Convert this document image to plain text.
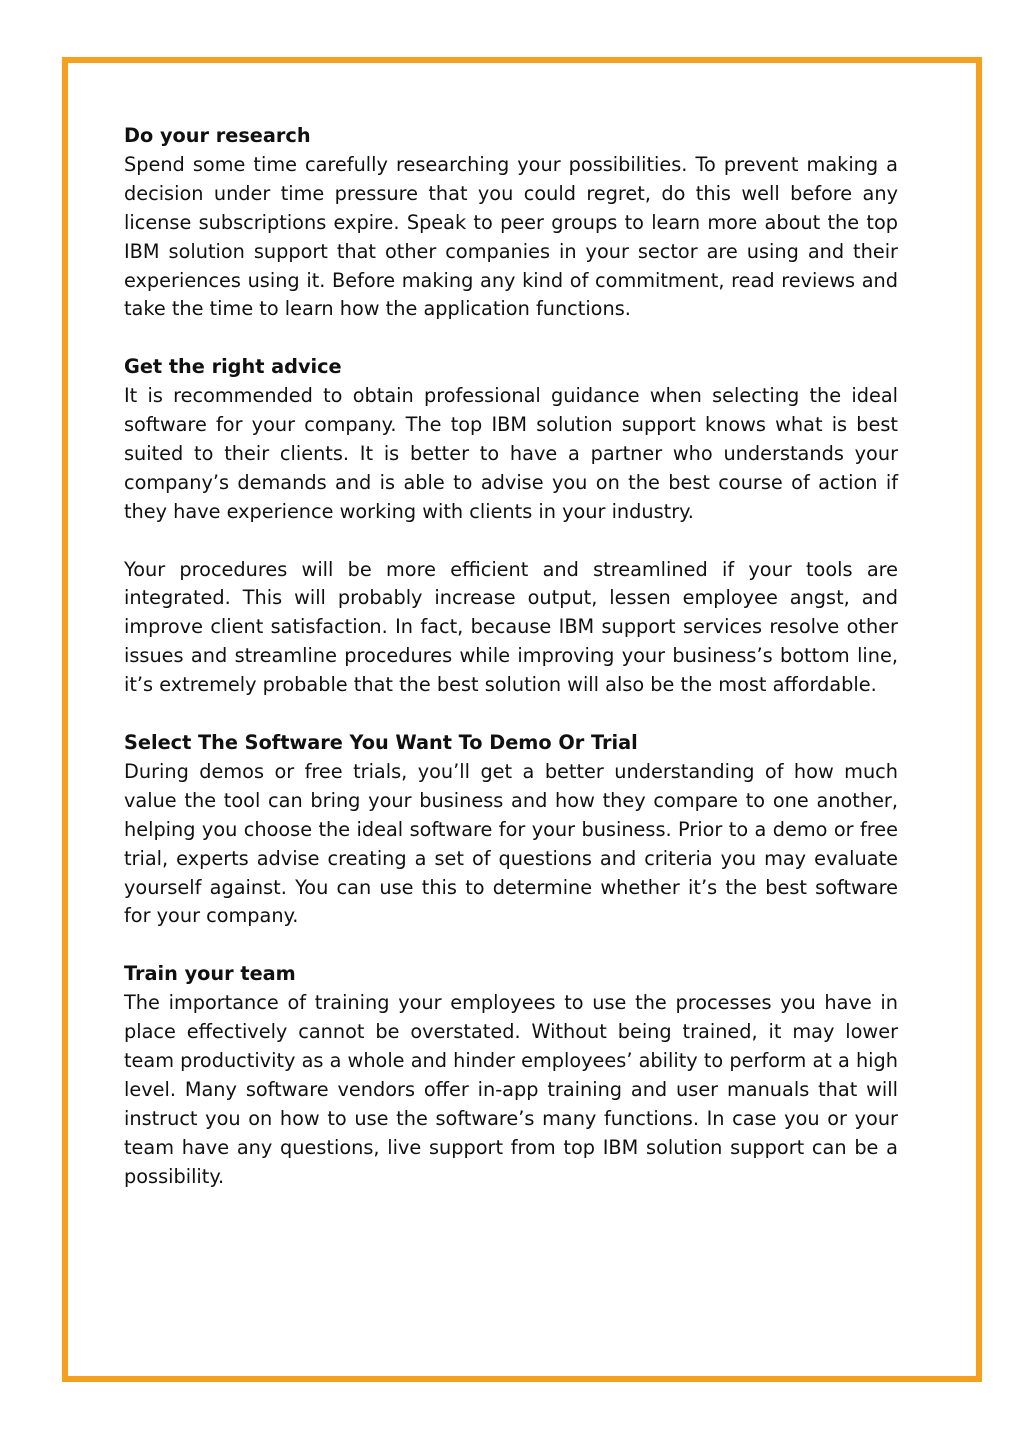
Do your research

Spend some time carefully researching your possibilities. To prevent making a decision under time pressure that you could regret, do this well before any license subscriptions expire. Speak to peer groups to learn more about the top IBM solution support that other companies in your sector are using and their experiences using it. Before making any kind of commitment, read reviews and take the time to learn how the application functions.

Get the right advice

It is recommended to obtain professional guidance when selecting the ideal software for your company. The top IBM solution support knows what is best suited to their clients. It is better to have a partner who understands your company’s demands and is able to advise you on the best course of action if they have experience working with clients in your industry.

Your procedures will be more efficient and streamlined if your tools are integrated. This will probably increase output, lessen employee angst, and improve client satisfaction. In fact, because IBM support services resolve other issues and streamline procedures while improving your business’s bottom line, it’s extremely probable that the best solution will also be the most affordable.

Select The Software You Want To Demo Or Trial

During demos or free trials, you’ll get a better understanding of how much value the tool can bring your business and how they compare to one another, helping you choose the ideal software for your business. Prior to a demo or free trial, experts advise creating a set of questions and criteria you may evaluate yourself against. You can use this to determine whether it’s the best software for your company.

Train your team

The importance of training your employees to use the processes you have in place effectively cannot be overstated. Without being trained, it may lower team productivity as a whole and hinder employees’ ability to perform at a high level. Many software vendors offer in-app training and user manuals that will instruct you on how to use the software’s many functions. In case you or your team have any questions, live support from top IBM solution support can be a possibility.
